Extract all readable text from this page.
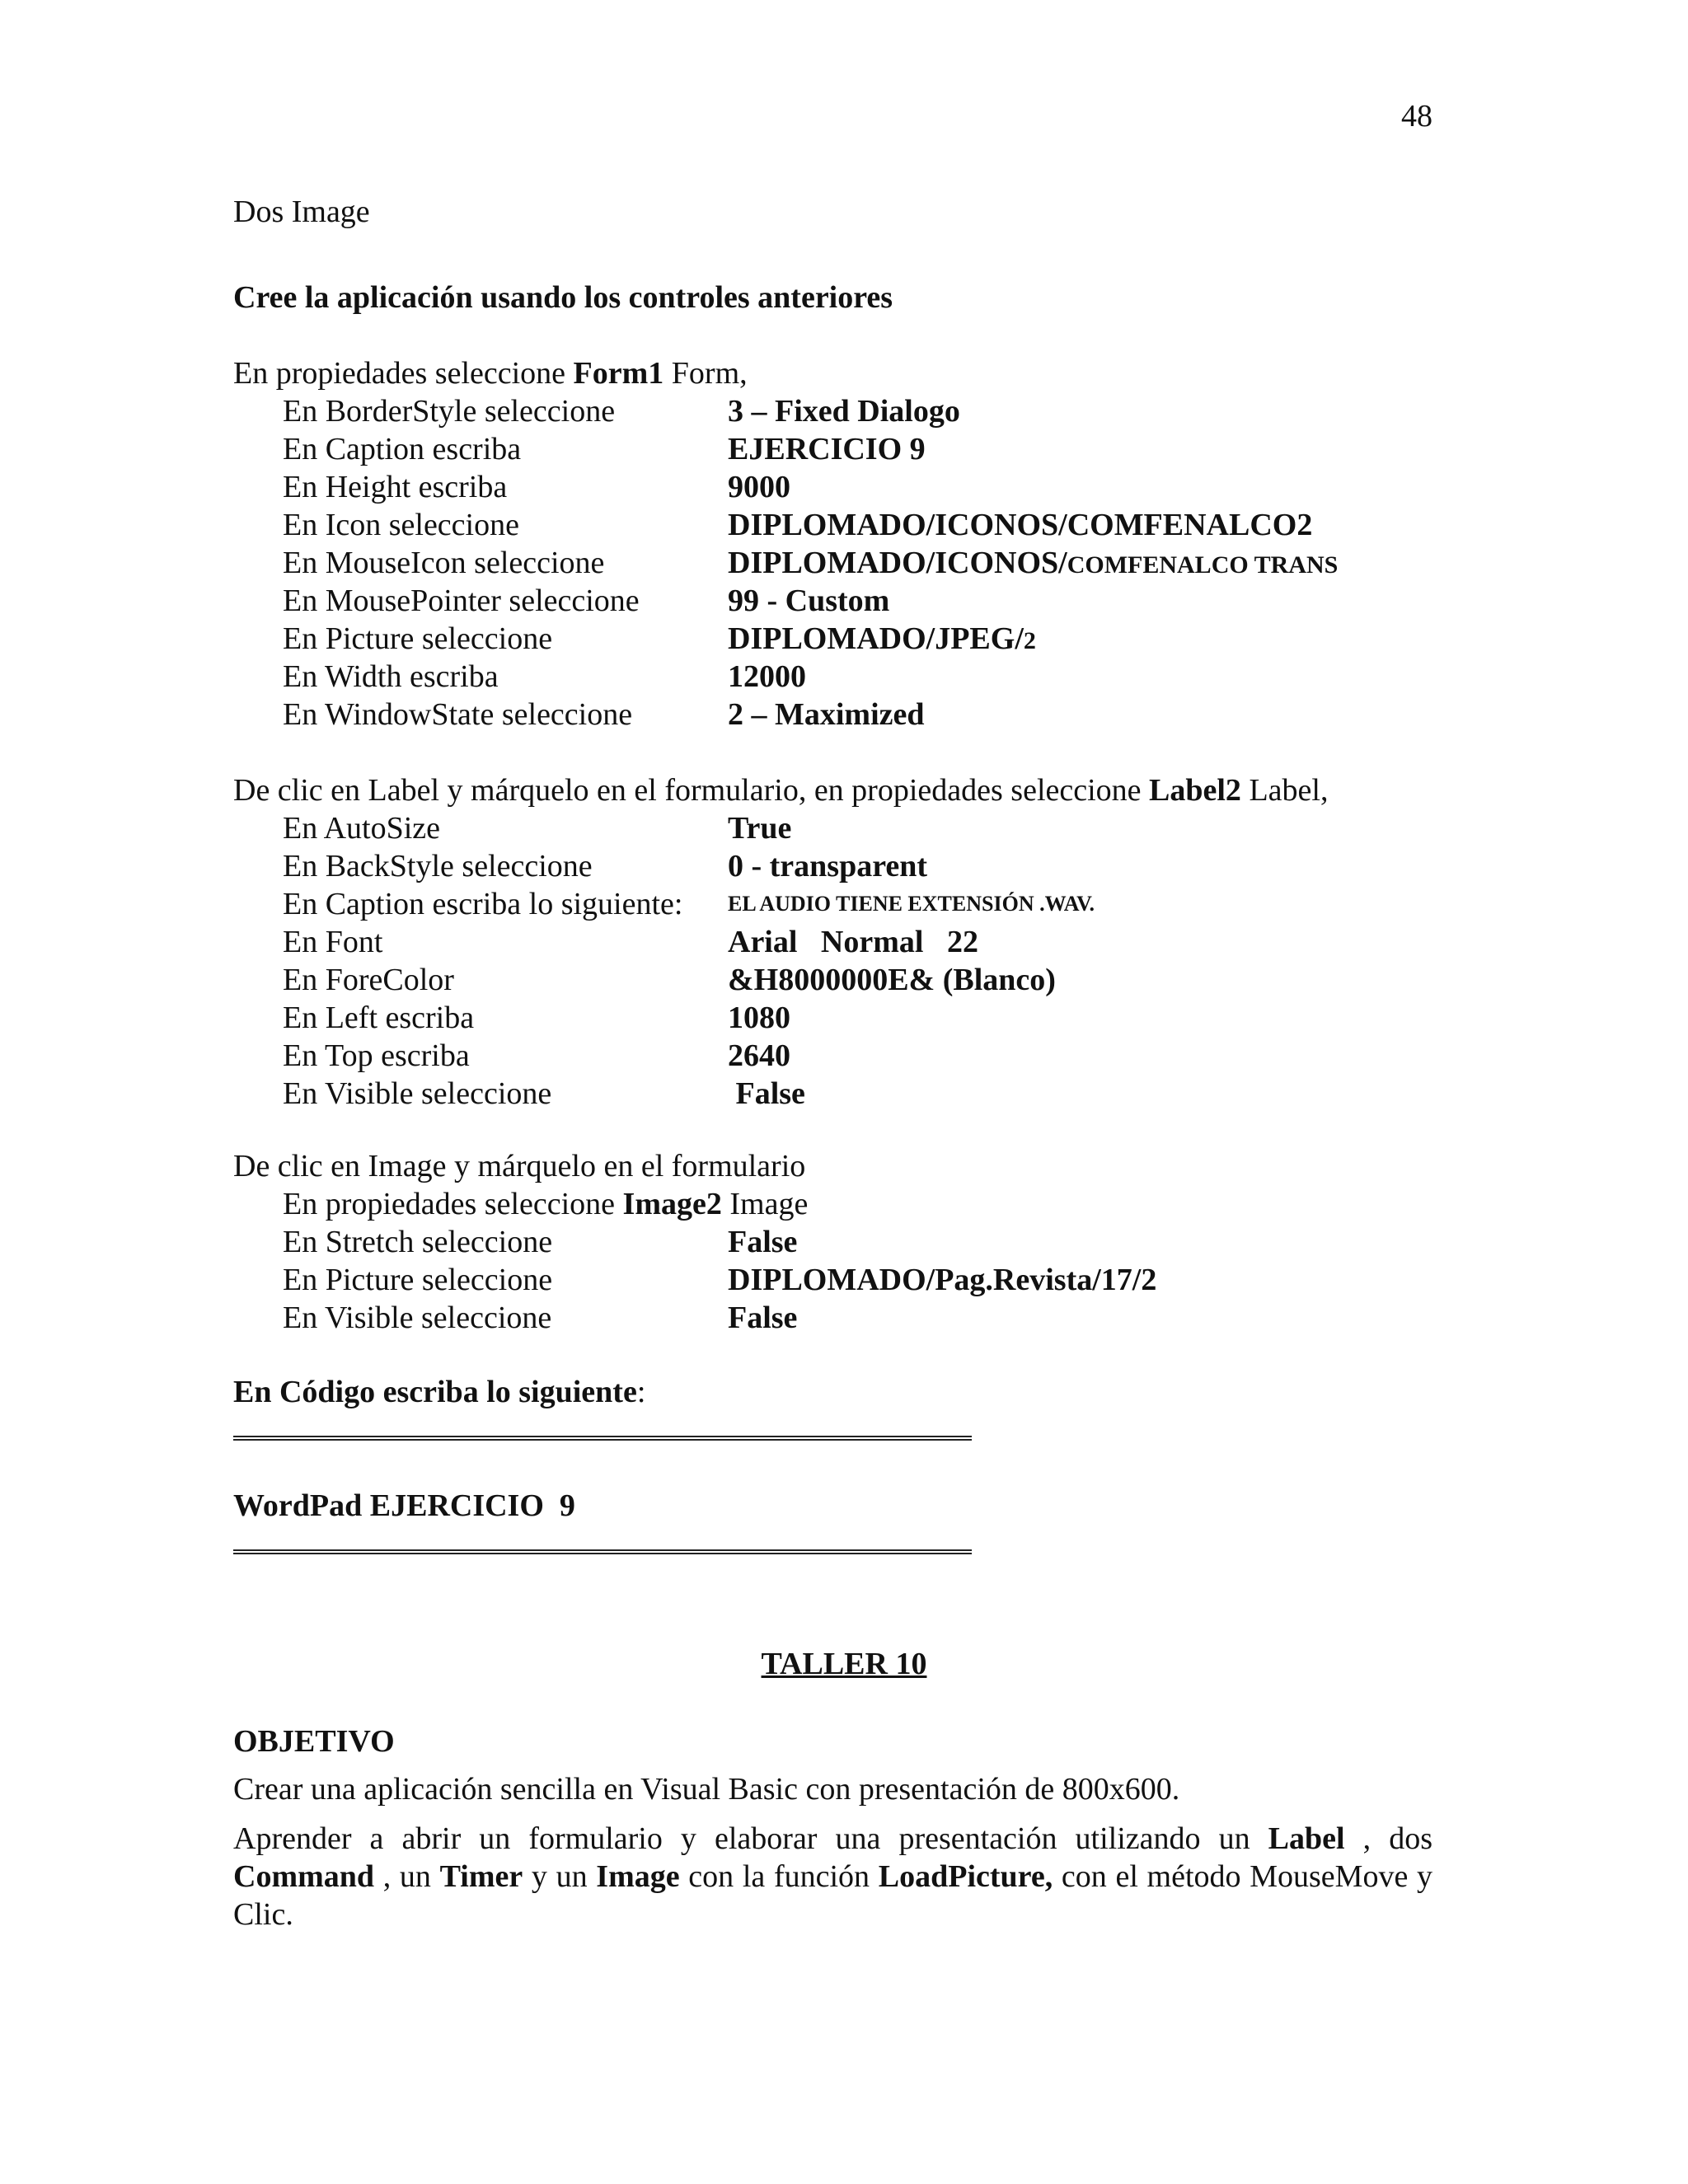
48
Dos Image
Cree la aplicación usando los controles anteriores
En propiedades seleccione Form1 Form,
En BorderStyle seleccione	3 – Fixed Dialogo
En Caption escriba	EJERCICIO 9
En Height escriba	9000
En Icon seleccione	DIPLOMADO/ICONOS/COMFENALCO2
En MouseIcon seleccione	DIPLOMADO/ICONOS/COMFENALCO TRANS
En MousePointer seleccione	99 - Custom
En Picture seleccione	DIPLOMADO/JPEG/2
En Width escriba	12000
En WindowState seleccione	2 – Maximized
De clic en Label y márquelo en el formulario, en propiedades seleccione Label2 Label,
En AutoSize	True
En BackStyle seleccione	0 - transparent
En Caption escriba lo siguiente:	EL AUDIO TIENE EXTENSIÓN .WAV.
En Font	Arial   Normal   22
En ForeColor	&H8000000E& (Blanco)
En Left escriba	1080
En Top escriba	2640
En Visible seleccione	False
De clic en Image y márquelo en el formulario
En propiedades seleccione Image2 Image
En Stretch seleccione	False
En Picture seleccione	DIPLOMADO/Pag.Revista/17/2
En Visible seleccione	False
En Código escriba lo siguiente:
WordPad EJERCICIO  9
TALLER 10
OBJETIVO
Crear una aplicación sencilla en Visual Basic con presentación de 800x600.
Aprender a abrir un formulario y elaborar una presentación utilizando un Label , dos Command , un Timer y un Image con la función LoadPicture, con el método MouseMove y Clic.
